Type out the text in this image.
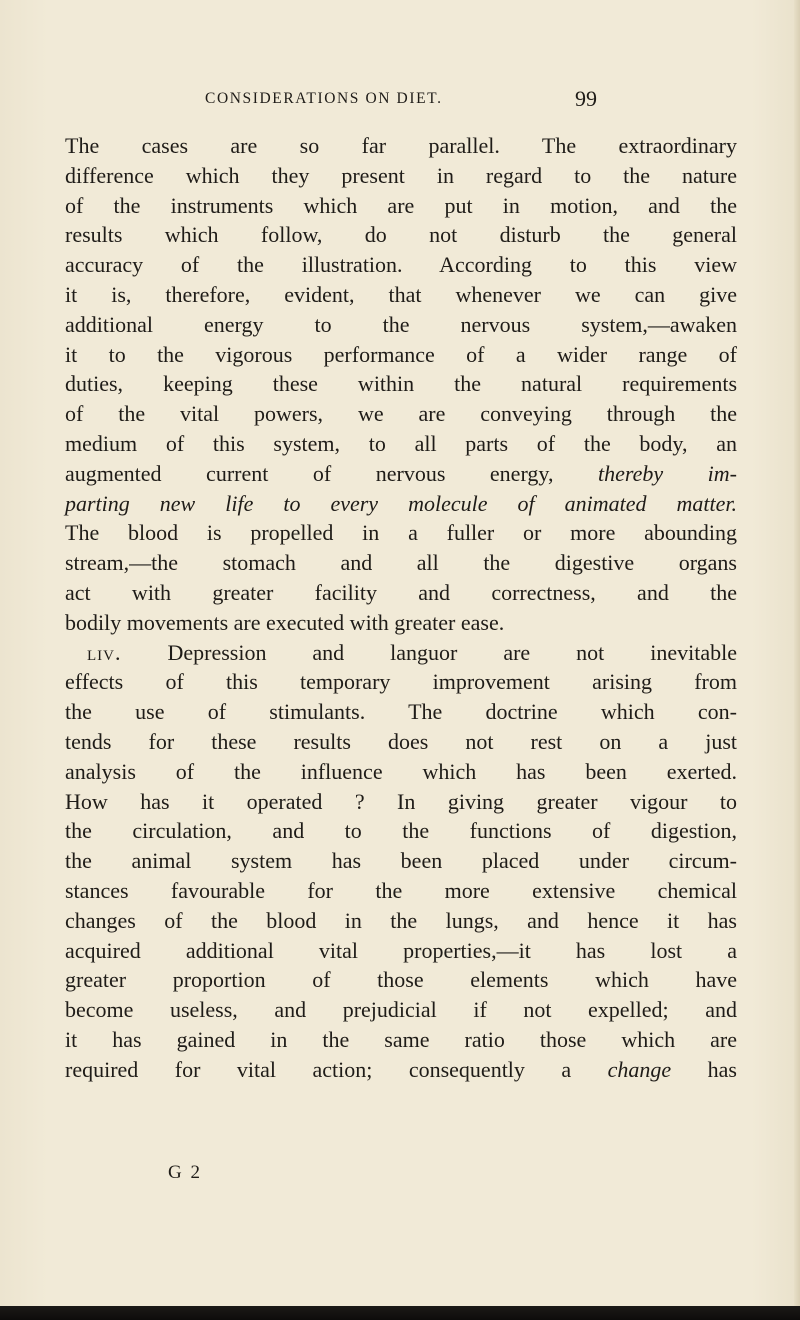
CONSIDERATIONS ON DIET.	99
The cases are so far parallel. The extraordinary
difference which they present in regard to the nature
of the instruments which are put in motion, and the
results which follow, do not disturb the general
accuracy of the illustration. According to this view
it is, therefore, evident, that whenever we can give
additional energy to the nervous system,—awaken
it to the vigorous performance of a wider range of
duties, keeping these within the natural requirements
of the vital powers, we are conveying through the
medium of this system, to all parts of the body, an
augmented current of nervous energy, thereby im-
parting new life to every molecule of animated matter.
The blood is propelled in a fuller or more abounding
stream,—the stomach and all the digestive organs
act with greater facility and correctness, and the
bodily movements are executed with greater ease.
liv. Depression and languor are not inevitable
effects of this temporary improvement arising from
the use of stimulants. The doctrine which con-
tends for these results does not rest on a just
analysis of the influence which has been exerted.
How has it operated ? In giving greater vigour to
the circulation, and to the functions of digestion,
the animal system has been placed under circum-
stances favourable for the more extensive chemical
changes of the blood in the lungs, and hence it has
acquired additional vital properties,—it has lost a
greater proportion of those elements which have
become useless, and prejudicial if not expelled; and
it has gained in the same ratio those which are
required for vital action; consequently a change has
G 2
